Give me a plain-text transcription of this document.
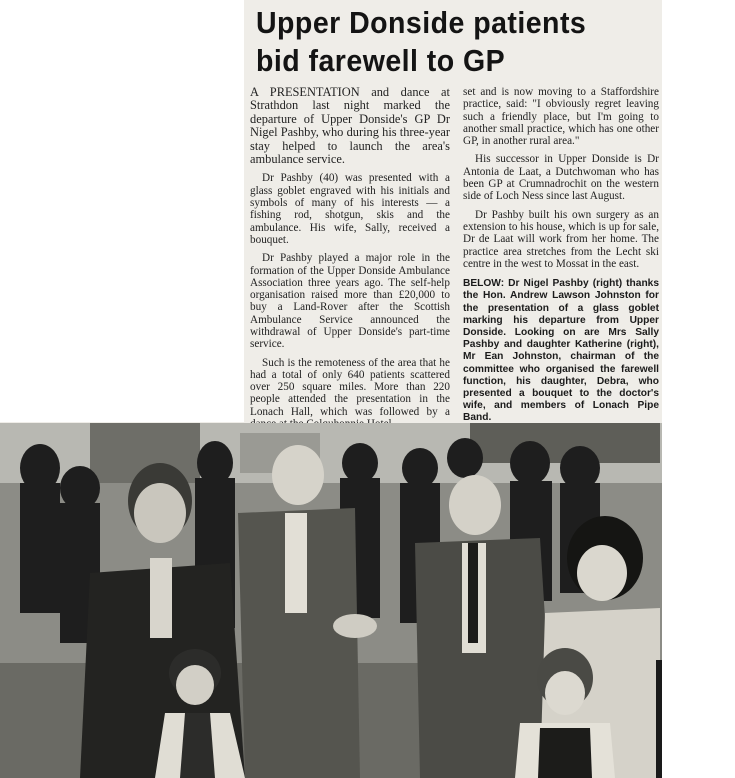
Upper Donside patients
bid farewell to GP

A PRESENTATION and dance at Strathdon last night marked the departure of Upper Donside's GP Dr Nigel Pashby, who during his three-year stay helped to launch the area's ambulance service.

Dr Pashby (40) was presented with a glass goblet engraved with his initials and symbols of many of his interests — a fishing rod, shotgun, skis and the ambulance. His wife, Sally, received a bouquet.

Dr Pashby played a major role in the formation of the Upper Donside Ambulance Association three years ago. The self-help organisation raised more than £20,000 to buy a Land-Rover after the Scottish Ambulance Service announced the withdrawal of Upper Donside's part-time service.

Such is the remoteness of the area that he had a total of only 640 patients scattered over 250 square miles. More than 220 people attended the presentation in the Lonach Hall, which was followed by a

set and is now moving to a Staffordshire practice, said: "I obviously regret leaving such a friendly place, but I'm going to another small practice, which has one other GP, in another rural area."

His successor in Upper Donside is Dr Antonia de Laat, a Dutchwoman who has been GP at Crumnadrochit on the western side of Loch Ness since last August.

Dr Pashby built his own surgery as an extension to his house, which is up for sale, Dr de Laat will work from her home. The practice area stretches from the Lecht ski centre in the west to Mossat in the east.

BELOW: Dr Nigel Pashby (right) thanks the Hon. Andrew Lawson Johnston for the presentation of a glass goblet marking his departure from Upper Donside. Looking on are Mrs Sally Pashby and daughter Katherine (right), Mr Ean Johnston, chairman of the committee who organised the farewell function, his daughter, Debra, who presented a bouquet to the doctor's wife, and members of Lonach Pipe Band.
